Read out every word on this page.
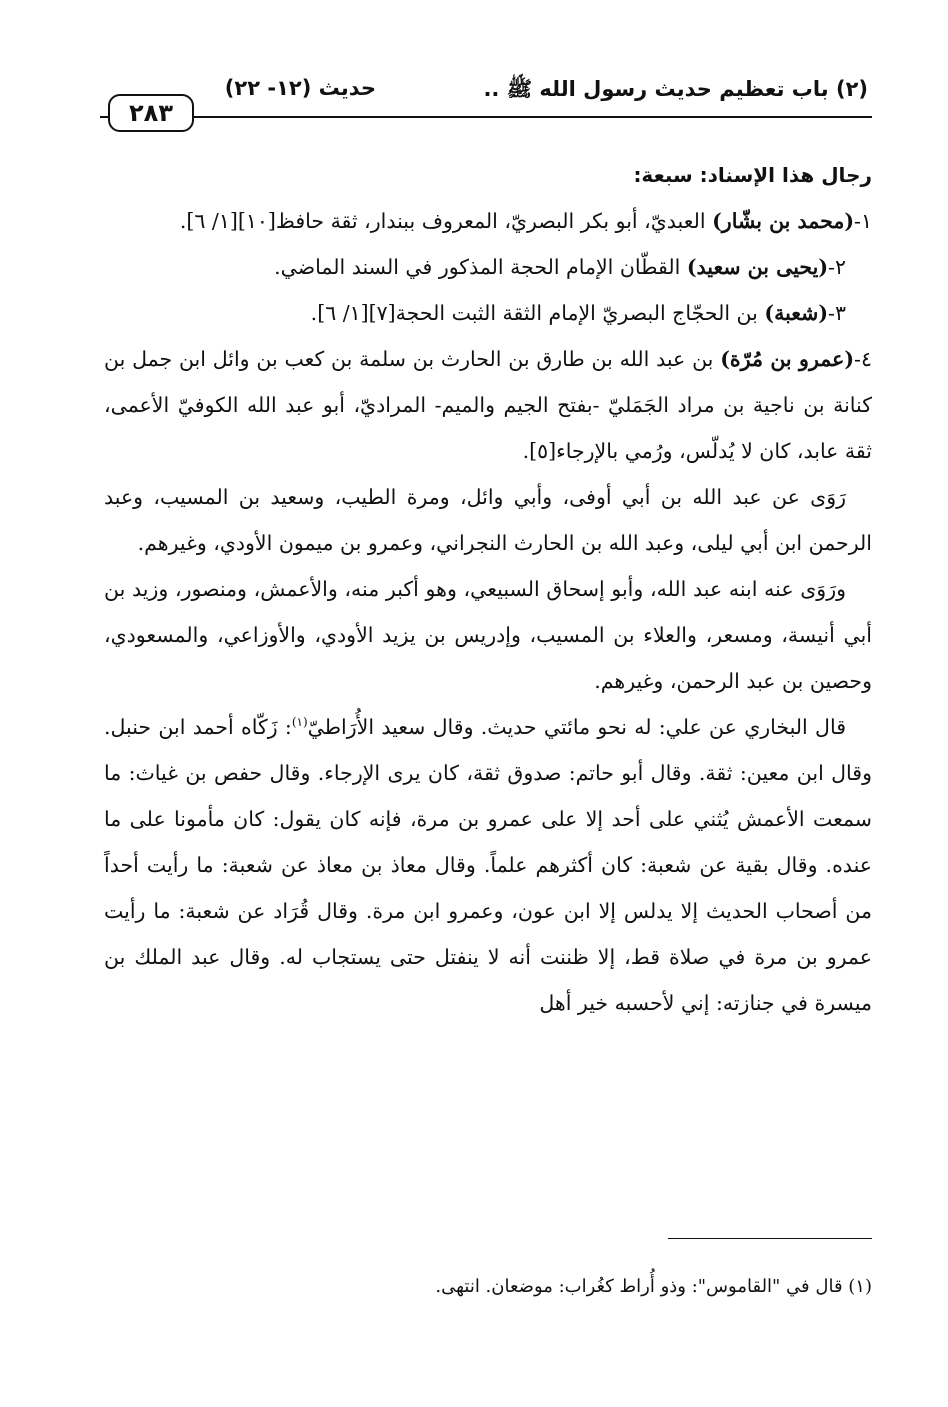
٢٨٣
حديث (١٢- ٢٢)	(٢) باب تعظيم حديث رسول الله ﷺ ..

رجال هذا الإسناد: سبعة:

١-(محمد بن بشّار) العبديّ، أبو بكر البصريّ، المعروف ببندار، ثقة حافظ[١٠][١/ ٦].

٢-(يحيى بن سعيد) القطّان الإمام الحجة المذكور في السند الماضي.

٣-(شعبة) بن الحجّاج البصريّ الإمام الثقة الثبت الحجة[٧][١/ ٦].

٤-(عمرو بن مُرّة) بن عبد الله بن طارق بن الحارث بن سلمة بن كعب بن وائل ابن جمل بن كنانة بن ناجية بن مراد الجَمَليّ -بفتح الجيم والميم- المراديّ، أبو عبد الله الكوفيّ الأعمى، ثقة عابد، كان لا يُدلّس، ورُمي بالإرجاء[٥].

رَوَى عن عبد الله بن أبي أوفى، وأبي وائل، ومرة الطيب، وسعيد بن المسيب، وعبد الرحمن ابن أبي ليلى، وعبد الله بن الحارث النجراني، وعمرو بن ميمون الأودي، وغيرهم.

ورَوَى عنه ابنه عبد الله، وأبو إسحاق السبيعي، وهو أكبر منه، والأعمش، ومنصور، وزيد بن أبي أنيسة، ومسعر، والعلاء بن المسيب، وإدريس بن يزيد الأودي، والأوزاعي، والمسعودي، وحصين بن عبد الرحمن، وغيرهم.

قال البخاري عن علي: له نحو مائتي حديث. وقال سعيد الأُرَاطيّ$^{(١)}$: زَكّاه أحمد ابن حنبل. وقال ابن معين: ثقة. وقال أبو حاتم: صدوق ثقة، كان يرى الإرجاء. وقال حفص بن غياث: ما سمعت الأعمش يُثني على أحد إلا على عمرو بن مرة، فإنه كان يقول: كان مأمونا على ما عنده. وقال بقية عن شعبة: كان أكثرهم علماً. وقال معاذ بن معاذ عن شعبة: ما رأيت أحداً من أصحاب الحديث إلا يدلس إلا ابن عون، وعمرو ابن مرة. وقال قُرَاد عن شعبة: ما رأيت عمرو بن مرة في صلاة قط، إلا ظننت أنه لا ينفتل حتى يستجاب له. وقال عبد الملك بن ميسرة في جنازته: إني لأحسبه خير أهل

(١) قال في "القاموس": وذو أُراط كغُراب: موضعان. انتهى.
